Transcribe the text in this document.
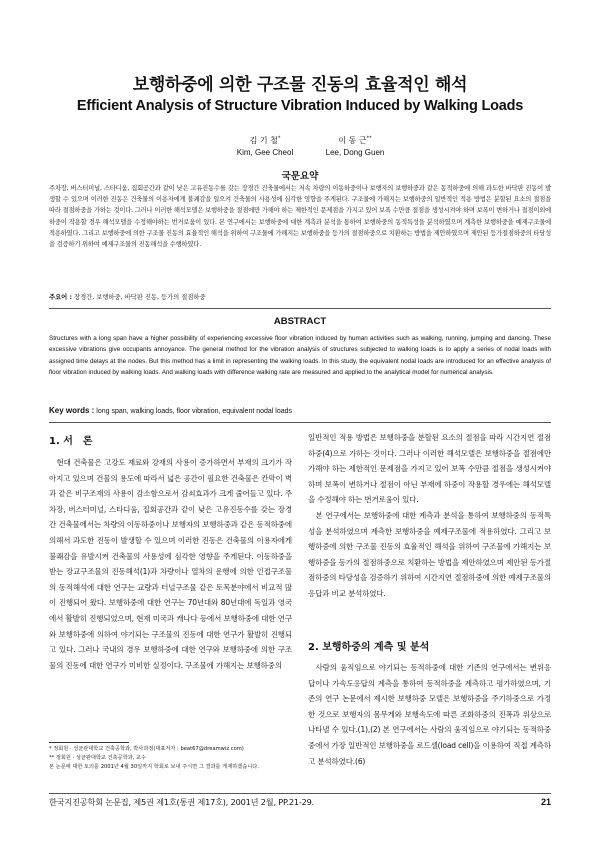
보행하중에 의한 구조물 진동의 효율적인 해석
Efficient Analysis of Structure Vibration Induced by Walking Loads
김 기 철*
Kim, Gee Cheol
이 동 근**
Lee, Dong Guen
국문요약
주차장, 버스터미널, 스타디움, 집회공간과 같이 낮은 고유진동수를 갖는 장경간 건축물에서는 저속 차량의 이동하중이나 보행자의 보행하중과 같은 동적하중에 의해 과도한 바닥판 진동이 발생할 수 있으며 이러한 진동은 건축물의 이용자에게 불쾌감을 일으켜 건축물의 사용성에 심각한 영향을 주게된다. 구조물에 가해지는 보행하중의 일반적인 적용 방법은 분할된 요소의 절점을 따라 절점하중을 가하는 것이다. 그러나 이러한 해석모델은 보행하중을 절점에만 가해야 하는 제한적인 문제점을 가지고 있어 보폭 수만큼 절점을 생성시켜야 하며 보폭이 변하거나 절점이외에 하중이 작용할 경우 해석모델을 수정해야하는 번거로움이 있다. 본 연구에서는 보행하중에 대한 계측과 분석을 통하여 보행하중의 동적특성을 분석하였으며 계측한 보행하중을 예제구조물에 적용하였다. 그리고 보행하중에 의한 구조물 진동의 효율적인 해석을 위하여 구조물에 가해지는 보행하중을 등가의 절점하중으로 치환하는 방법을 제안하였으며 제안된 등가절점하중의 타당성을 검증하기 위하여 예제구조물의 진동해석을 수행하였다.
주요어 : 장경간, 보행하중, 바닥판 진동, 등가의 절점하중
ABSTRACT
Structures with a long span have a higher possibility of experiencing excessive floor vibration induced by human activities such as walking, running, jumping and dancing. These excessive vibrations give occupants annoyance. The general method for the vibration analysis of structures subjected to walking loads is to apply a series of nodal loads with assigned time delays at the nodes. But this method has a limit in representing the walking loads. In this study, the equivalent nodal loads are introduced for an effective analysis of floor vibration induced by walking loads. And walking loads with difference walking rate are measured and applied to the analytical model for numerical analysis.
Key words : long span, walking loads, floor vibration, equivalent nodal loads
1. 서　론

현대 건축물은 고강도 재료와 강재의 사용이 증가하면서 부재의 크기가 작아지고 있으며 건물의 용도에 따라서 넓은 공간이 필요한 건축물은 칸막이 벽과 같은 비구조재의 사용이 감소함으로서 감쇠효과가 크게 줄어들고 있다. 주차장, 버스터미널, 스타디움, 집회공간과 같이 낮은 고유진동수를 갖는 장경간 건축물에서는 차량의 이동하중이나 보행자의 보행하중과 같은 동적하중에 의해서 과도한 진동이 발생할 수 있으며 이러한 진동은 건축물의 이용자에게 불쾌감을 유발시켜 건축물의 사용성에 심각한 영향을 주게된다. 이동하중을 받는 장교구조물의 진동해석(1)과 차량이나 열차의 운행에 의한 인접구조물의 동적해석에 대한 연구는 교량과 터널구조물 같은 토목분야에서 비교적 많이 진행되어 왔다. 보행하중에 대한 연구는 70년대와 80년대에 독일과 영국에서 활발히 진행되었으며, 현재 미국과 캐나다 등에서 보행하중에 대한 연구와 보행하중에 의하여 야기되는 구조물의 진동에 대한 연구가 활발히 진행되고 있다. 그러나 국내의 경우 보행하중에 대한 연구와 보행하중에 의한 구조물의 진동에 대한 연구가 미비한 실정이다. 구조물에 가해지는 보행하중의

일반적인 적용 방법은 보행하중을 분할된 요소의 절점을 따라 시간지연 절점하중(4)으로 가하는 것이다. 그러나 이러한 해석모델은 보행하중을 절점에만 가해야 하는 제한적인 문제점을 가지고 있어 보폭 수만큼 절점을 생성시켜야 하며 보폭이 변하거나 절점이 아닌 부재에 하중이 작용할 경우에는 해석모델을 수정해야 하는 번거로움이 있다.

본 연구에서는 보행하중에 대한 계측과 분석을 통하여 보행하중의 동적특성을 분석하였으며 계측한 보행하중을 예제구조물에 적용하였다. 그리고 보행하중에 의한 구조물 진동의 효율적인 해석을 위하여 구조물에 가해지는 보행하중을 등가의 절점하중으로 치환하는 방법을 제안하였으며 제안된 등가절점하중의 타당성을 검증하기 위하여 시간지연 절점하중에 의한 예제구조물의 응답과 비교 분석하였다.

2. 보행하중의 계측 및 분석

사람의 움직임으로 야기되는 동적하중에 대한 기존의 연구에서는 변위응답이나 가속도응답의 계측을 통하여 동적하중을 계측하고 평가하였으며, 기존의 연구 논문에서 제시한 보행하중 모델은 보행하중을 주기하중으로 가정한 것으로 보행자의 몸무게와 보행속도에 따른 조화하중의 진폭과 위상으로 나타낼 수 있다.(1),(2) 본 연구에서는 사람의 움직임으로 야기되는 동적하중 중에서 가장 일반적인 보행하중을 로드셀(load cell)을 이용하여 직접 계측하고 분석하였다.(6)

* 정회원 · 성균관대학교 건축공학과, 박사과정(대표저자 : beat67@dreamwiz.com)
** 정회원 · 성균관대학교 건축공학과, 교수
본 논문에 대한 토의를 2001년 4월 30일까지 학회로 보내 주시면 그 결과를 게재하겠습니다.
한국지진공학회 논문집, 제5권 제1호(통권 제17호), 2001년 2월, PP.21-29.	21
